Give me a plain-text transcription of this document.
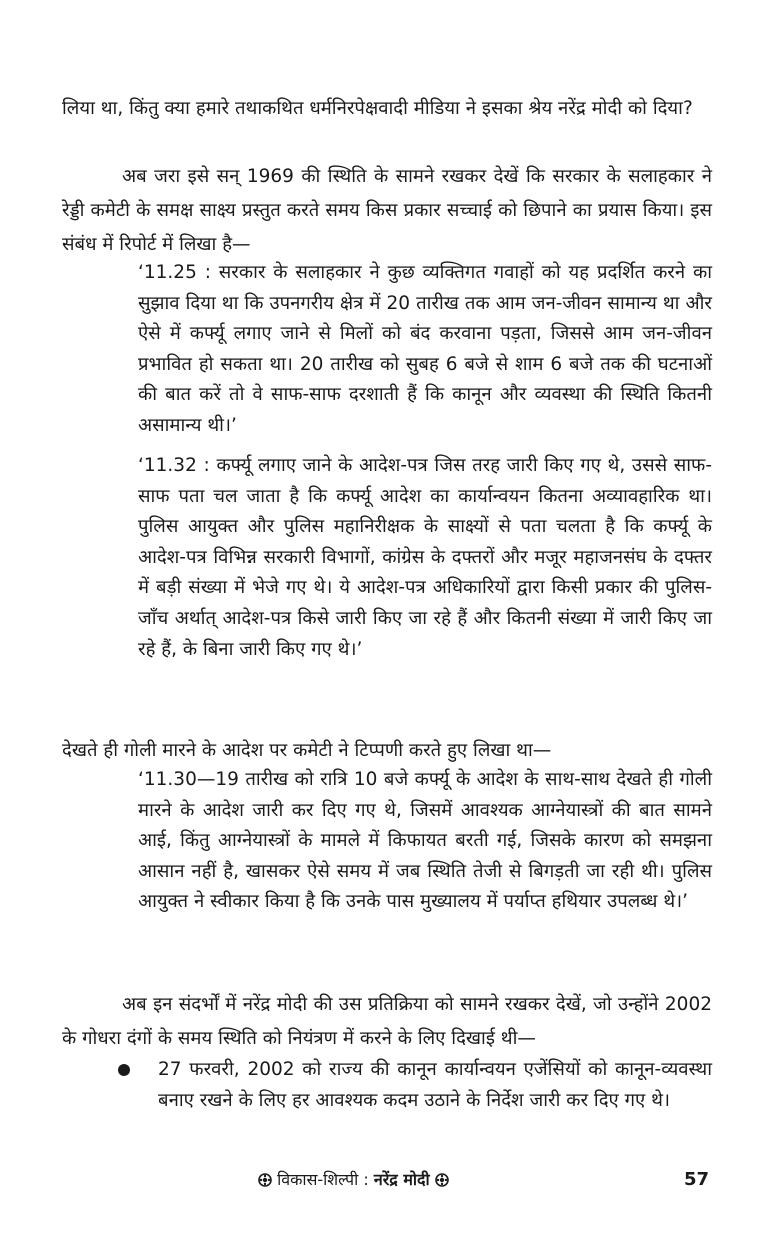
लिया था, किंतु क्या हमारे तथाकथित धर्मनिरपेक्षवादी मीडिया ने इसका श्रेय नरेंद्र मोदी को दिया?

अब जरा इसे सन् 1969 की स्थिति के सामने रखकर देखें कि सरकार के सलाहकार ने रेड्डी कमेटी के समक्ष साक्ष्य प्रस्तुत करते समय किस प्रकार सच्चाई को छिपाने का प्रयास किया। इस संबंध में रिपोर्ट में लिखा है—

‘11.25 : सरकार के सलाहकार ने कुछ व्यक्तिगत गवाहों को यह प्रदर्शित करने का सुझाव दिया था कि उपनगरीय क्षेत्र में 20 तारीख तक आम जन-जीवन सामान्य था और ऐसे में कर्फ्यू लगाए जाने से मिलों को बंद करवाना पड़ता, जिससे आम जन-जीवन प्रभावित हो सकता था। 20 तारीख को सुबह 6 बजे से शाम 6 बजे तक की घटनाओं की बात करें तो वे साफ-साफ दरशाती हैं कि कानून और व्यवस्था की स्थिति कितनी असामान्य थी।’

‘11.32 : कर्फ्यू लगाए जाने के आदेश-पत्र जिस तरह जारी किए गए थे, उससे साफ-साफ पता चल जाता है कि कर्फ्यू आदेश का कार्यान्वयन कितना अव्यावहारिक था। पुलिस आयुक्त और पुलिस महानिरीक्षक के साक्ष्यों से पता चलता है कि कर्फ्यू के आदेश-पत्र विभिन्न सरकारी विभागों, कांग्रेस के दफ्तरों और मजूर महाजनसंघ के दफ्तर में बड़ी संख्या में भेजे गए थे। ये आदेश-पत्र अधिकारियों द्वारा किसी प्रकार की पुलिस-जाँच अर्थात् आदेश-पत्र किसे जारी किए जा रहे हैं और कितनी संख्या में जारी किए जा रहे हैं, के बिना जारी किए गए थे।’

देखते ही गोली मारने के आदेश पर कमेटी ने टिप्पणी करते हुए लिखा था—

‘11.30—19 तारीख को रात्रि 10 बजे कर्फ्यू के आदेश के साथ-साथ देखते ही गोली मारने के आदेश जारी कर दिए गए थे, जिसमें आवश्यक आग्नेयास्त्रों की बात सामने आई, किंतु आग्नेयास्त्रों के मामले में किफायत बरती गई, जिसके कारण को समझना आसान नहीं है, खासकर ऐसे समय में जब स्थिति तेजी से बिगड़ती जा रही थी। पुलिस आयुक्त ने स्वीकार किया है कि उनके पास मुख्यालय में पर्याप्त हथियार उपलब्ध थे।’

अब इन संदर्भों में नरेंद्र मोदी की उस प्रतिक्रिया को सामने रखकर देखें, जो उन्होंने 2002 के गोधरा दंगों के समय स्थिति को नियंत्रण में करने के लिए दिखाई थी—

27 फरवरी, 2002 को राज्य की कानून कार्यान्वयन एजेंसियों को कानून-व्यवस्था बनाए रखने के लिए हर आवश्यक कदम उठाने के निर्देश जारी कर दिए गए थे।

विकास-शिल्पी : नरेंद्र मोदी	57
